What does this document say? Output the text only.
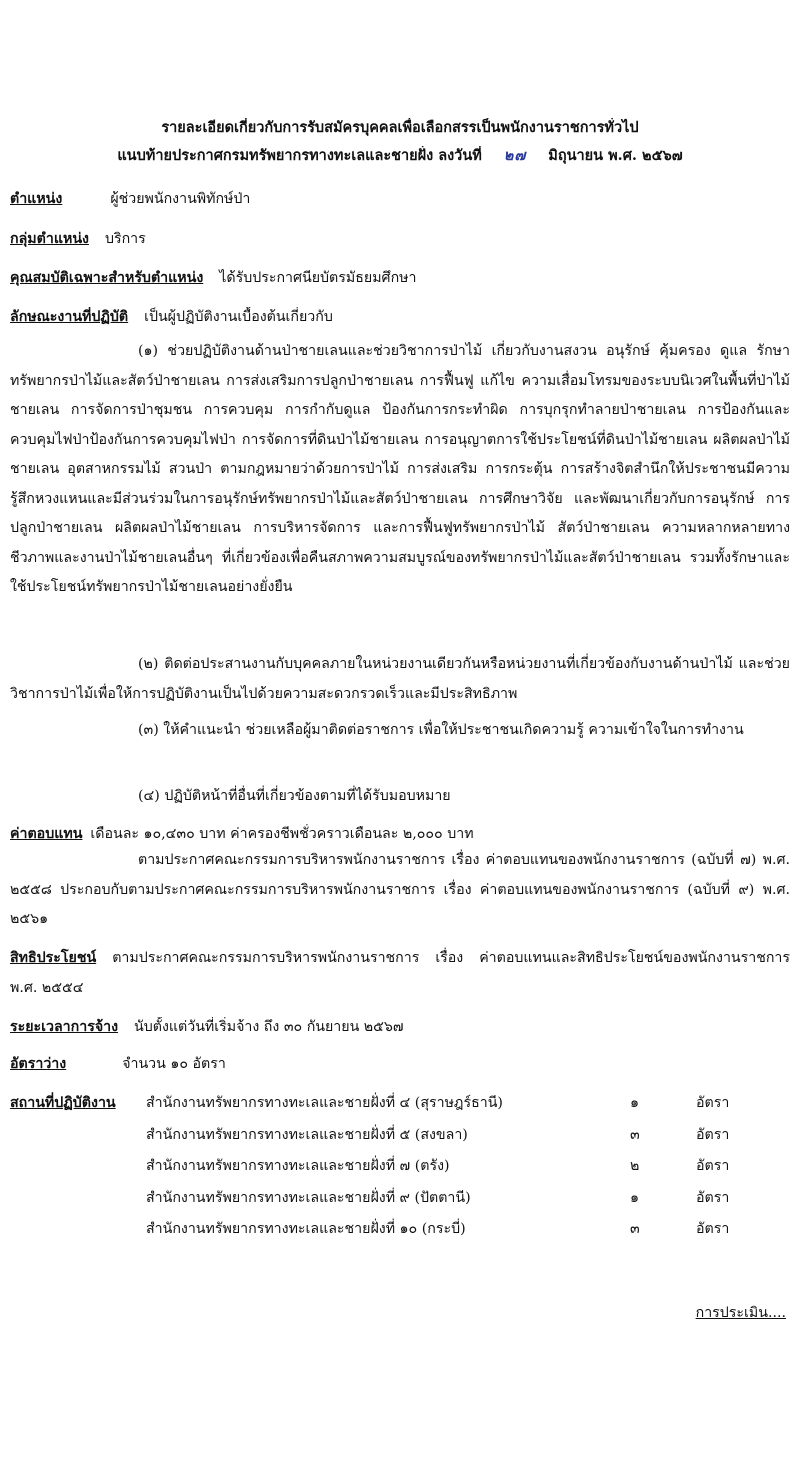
รายละเอียดเกี่ยวกับการรับสมัครบุคคลเพื่อเลือกสรรเป็นพนักงานราชการทั่วไป
แนบท้ายประกาศกรมทรัพยากรทางทะเลและชายฝั่ง ลงวันที่ ๒๗ มิถุนายน พ.ศ. ๒๕๖๗
ตำแหน่ง	ผู้ช่วยพนักงานพิทักษ์ป่า
กลุ่มตำแหน่ง บริการ
คุณสมบัติเฉพาะสำหรับตำแหน่ง ได้รับประกาศนียบัตรมัธยมศึกษา
ลักษณะงานที่ปฏิบัติ เป็นผู้ปฏิบัติงานเบื้องต้นเกี่ยวกับ
(๑) ช่วยปฏิบัติงานด้านป่าชายเลนและช่วยวิชาการป่าไม้ เกี่ยวกับงานสงวน อนุรักษ์ คุ้มครอง ดูแล รักษาทรัพยากรป่าไม้และสัตว์ป่าชายเลน การส่งเสริมการปลูกป่าชายเลน การฟื้นฟู แก้ไข ความเสื่อมโทรมของระบบนิเวศในพื้นที่ป่าไม้ชายเลน การจัดการป่าชุมชน การควบคุม การกำกับดูแล ป้องกันการกระทำผิด การบุกรุกทำลายป่าชายเลน การป้องกันและควบคุมไฟป่าป้องกันการควบคุมไฟป่า การจัดการที่ดินป่าไม้ชายเลน การอนุญาตการใช้ประโยชน์ที่ดินป่าไม้ชายเลน ผลิตผลป่าไม้ชายเลน อุตสาหกรรมไม้ สวนป่า ตามกฎหมายว่าด้วยการป่าไม้ การส่งเสริม การกระตุ้น การสร้างจิตสำนึกให้ประชาชนมีความรู้สึกหวงแหนและมีส่วนร่วมในการอนุรักษ์ทรัพยากรป่าไม้และสัตว์ป่าชายเลน การศึกษาวิจัย และพัฒนาเกี่ยวกับการอนุรักษ์ การปลูกป่าชายเลน ผลิตผลป่าไม้ชายเลน การบริหารจัดการ และการฟื้นฟูทรัพยากรป่าไม้ สัตว์ป่าชายเลน ความหลากหลายทางชีวภาพและงานป่าไม้ชายเลนอื่นๆ ที่เกี่ยวข้องเพื่อคืนสภาพความสมบูรณ์ของทรัพยากรป่าไม้และสัตว์ป่าชายเลน รวมทั้งรักษาและใช้ประโยชน์ทรัพยากรป่าไม้ชายเลนอย่างยั่งยืน
(๒) ติดต่อประสานงานกับบุคคลภายในหน่วยงานเดียวกันหรือหน่วยงานที่เกี่ยวข้องกับงานด้านป่าไม้ และช่วยวิชาการป่าไม้เพื่อให้การปฏิบัติงานเป็นไปด้วยความสะดวกรวดเร็วและมีประสิทธิภาพ
(๓) ให้คำแนะนำ ช่วยเหลือผู้มาติดต่อราชการ เพื่อให้ประชาชนเกิดความรู้ ความเข้าใจในการทำงาน
(๔) ปฏิบัติหน้าที่อื่นที่เกี่ยวข้องตามที่ได้รับมอบหมาย
ค่าตอบแทน เดือนละ ๑๐,๔๓๐ บาท ค่าครองชีพชั่วคราวเดือนละ ๒,๐๐๐ บาท
ตามประกาศคณะกรรมการบริหารพนักงานราชการ เรื่อง ค่าตอบแทนของพนักงานราชการ (ฉบับที่ ๗) พ.ศ. ๒๕๕๘ ประกอบกับตามประกาศคณะกรรมการบริหารพนักงานราชการ เรื่อง ค่าตอบแทนของพนักงานราชการ (ฉบับที่ ๙) พ.ศ. ๒๕๖๑
สิทธิประโยชน์ ตามประกาศคณะกรรมการบริหารพนักงานราชการ เรื่อง ค่าตอบแทนและสิทธิประโยชน์ของพนักงานราชการ พ.ศ. ๒๕๕๔
ระยะเวลาการจ้าง นับตั้งแต่วันที่เริ่มจ้าง ถึง ๓๐ กันยายน ๒๕๖๗
อัตราว่าง	จำนวน ๑๐ อัตรา
สถานที่ปฏิบัติงาน สำนักงานทรัพยากรทางทะเลและชายฝั่งที่ ๔ (สุราษฎร์ธานี)	๑	อัตรา
สำนักงานทรัพยากรทางทะเลและชายฝั่งที่ ๕ (สงขลา)	๓	อัตรา
สำนักงานทรัพยากรทางทะเลและชายฝั่งที่ ๗ (ตรัง)	๒	อัตรา
สำนักงานทรัพยากรทางทะเลและชายฝั่งที่ ๙ (ปัตตานี)	๑	อัตรา
สำนักงานทรัพยากรทางทะเลและชายฝั่งที่ ๑๐ (กระบี่)	๓	อัตรา
การประเมิน....
